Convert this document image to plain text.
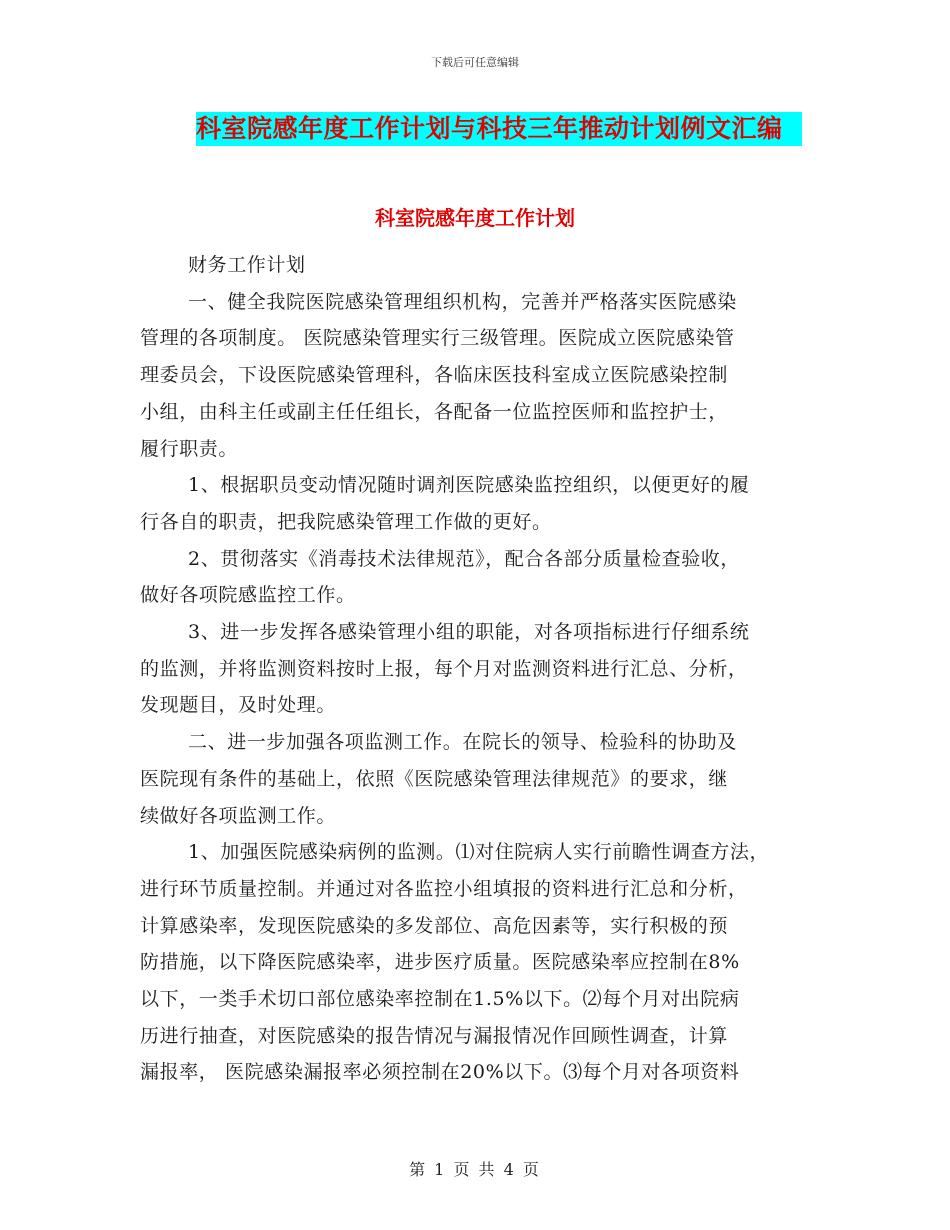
下载后可任意编辑
科室院感年度工作计划与科技三年推动计划例文汇编
科室院感年度工作计划

财务工作计划

一、健全我院医院感染管理组织机构，完善并严格落实医院感染

管理的各项制度。 医院感染管理实行三级管理。医院成立医院感染管

理委员会，下设医院感染管理科，各临床医技科室成立医院感染控制

小组，由科主任或副主任任组长，各配备一位监控医师和监控护士，

履行职责。

1、根据职员变动情况随时调剂医院感染监控组织，以便更好的履

行各自的职责，把我院感染管理工作做的更好。

2、贯彻落实《消毒技术法律规范》，配合各部分质量检查验收，

做好各项院感监控工作。

3、进一步发挥各感染管理小组的职能，对各项指标进行仔细系统

的监测，并将监测资料按时上报，每个月对监测资料进行汇总、分析，

发现题目，及时处理。

二、进一步加强各项监测工作。在院长的领导、检验科的协助及

医院现有条件的基础上，依照《医院感染管理法律规范》的要求，继

续做好各项监测工作。

1、加强医院感染病例的监测。⑴对住院病人实行前瞻性调查方法，

进行环节质量控制。并通过对各监控小组填报的资料进行汇总和分析，

计算感染率，发现医院感染的多发部位、高危因素等，实行积极的预

防措施，以下降医院感染率，进步医疗质量。医院感染率应控制在8%

以下，一类手术切口部位感染率控制在1.5%以下。⑵每个月对出院病

历进行抽查，对医院感染的报告情况与漏报情况作回顾性调查，计算

漏报率， 医院感染漏报率必须控制在20%以下。⑶每个月对各项资料

第 1 页 共 4 页
